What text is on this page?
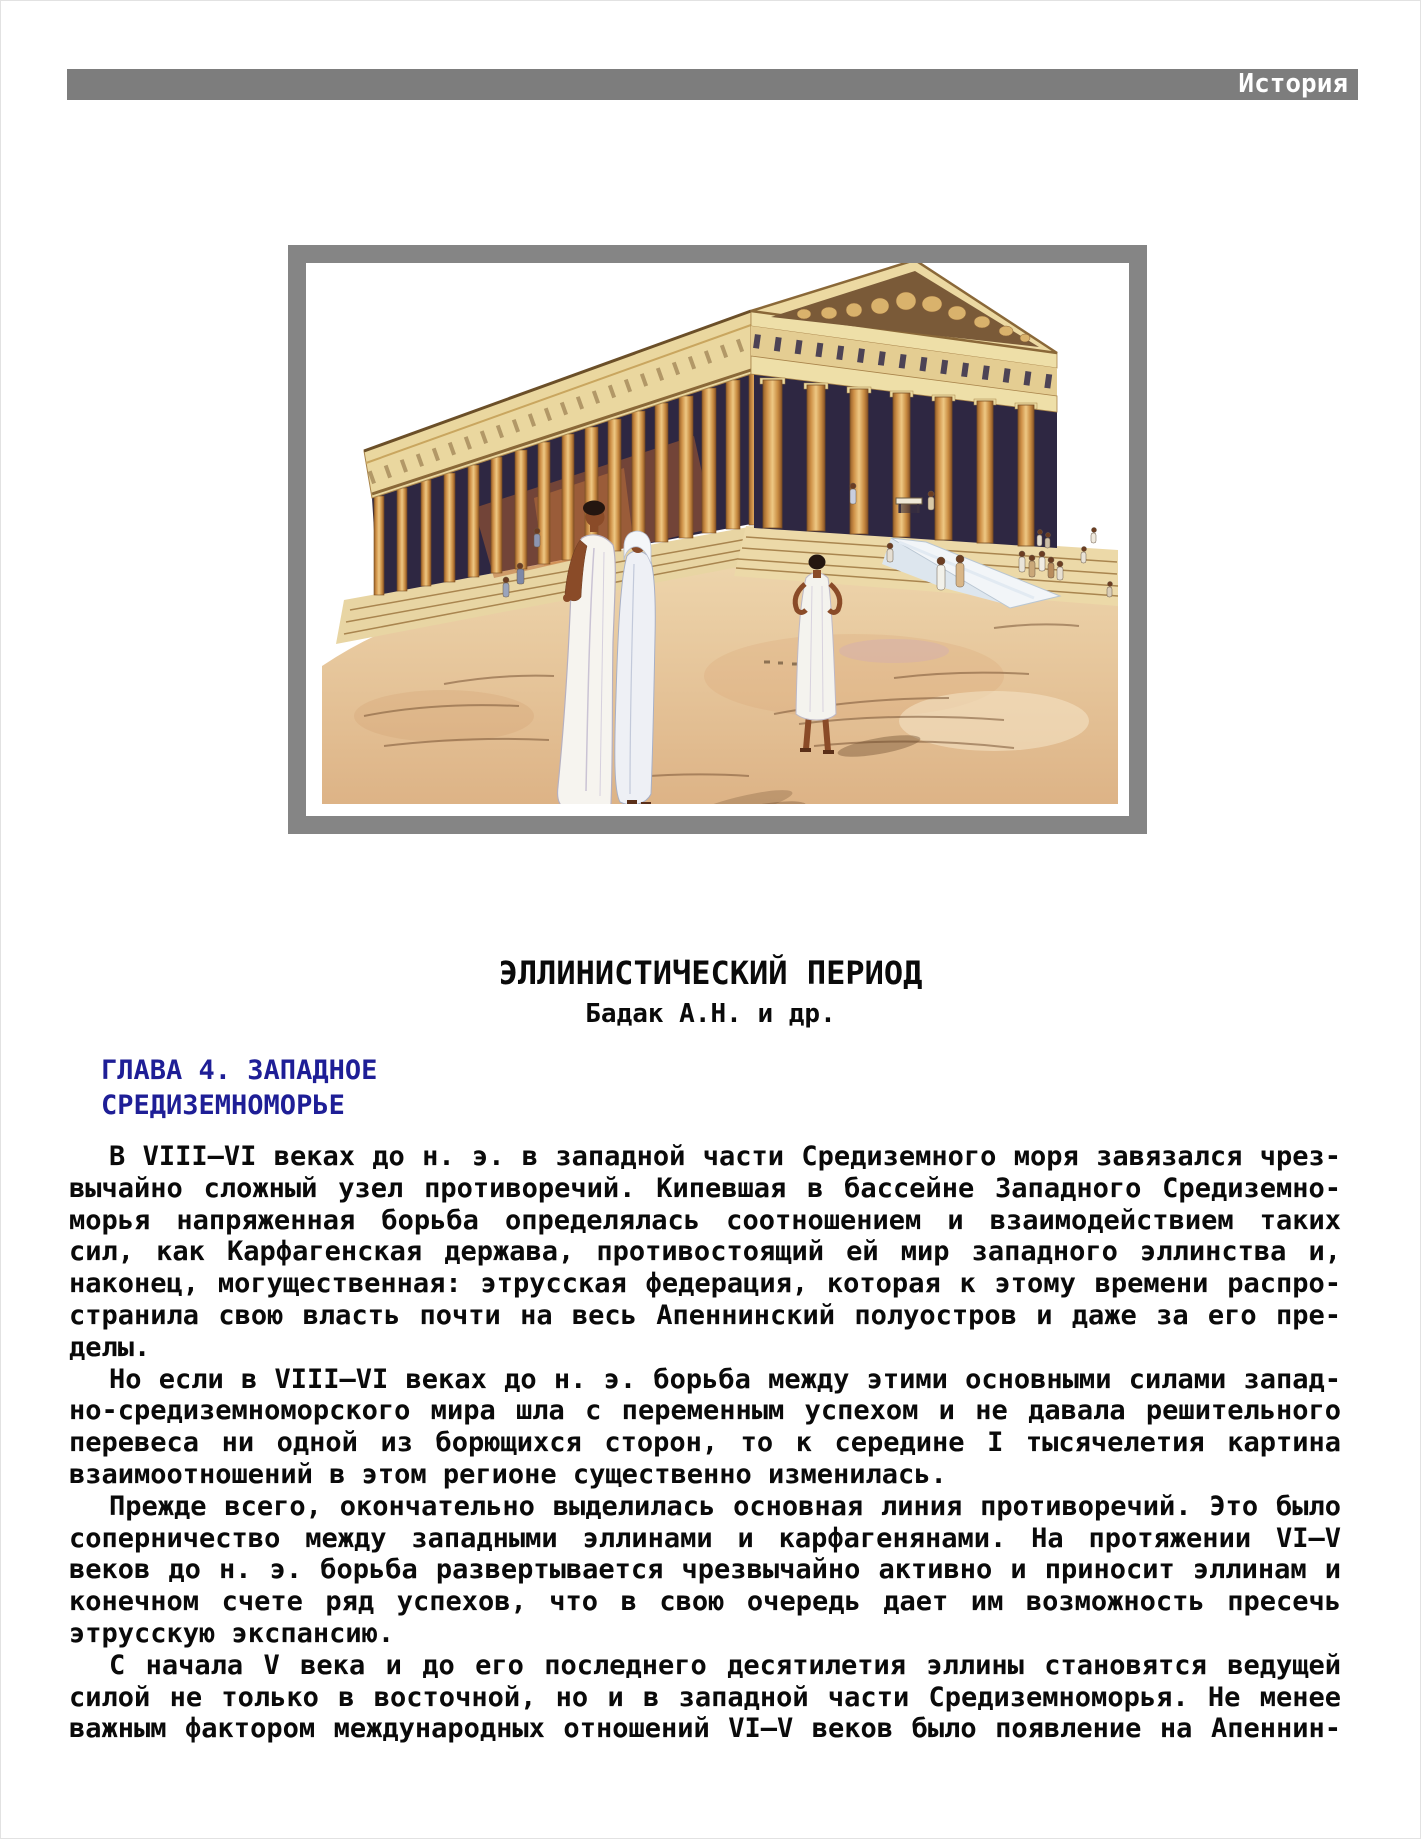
История
ЭЛЛИНИСТИЧЕСКИЙ ПЕРИОД
Бадак А.Н. и др.
ГЛАВА 4. ЗАПАДНОЕ
СРЕДИЗЕМНОМОРЬЕ
В VIII–VI веках до н. э. в западной части Средиземного моря завязался чрез-
вычайно сложный узел противоречий. Кипевшая в бассейне Западного Средиземно-
морья напряженная борьба определялась соотношением и взаимодействием таких
сил, как Карфагенская держава, противостоящий ей мир западного эллинства и,
наконец, могущественная: этрусская федерация, которая к этому времени распро-
странила свою власть почти на весь Апеннинский полуостров и даже за его пре-
делы.
Но если в VIII–VI веках до н. э. борьба между этими основными силами запад-
но-средиземноморского мира шла с переменным успехом и не давала решительного
перевеса ни одной из борющихся сторон, то к середине I тысячелетия картина
взаимоотношений в этом регионе существенно изменилась.
Прежде всего, окончательно выделилась основная линия противоречий. Это было
соперничество между западными эллинами и карфагенянами. На протяжении VI–V
веков до н. э. борьба развертывается чрезвычайно активно и приносит эллинам и
конечном счете ряд успехов, что в свою очередь дает им возможность пресечь
этрусскую экспансию.
С начала V века и до его последнего десятилетия эллины становятся ведущей
силой не только в восточной, но и в западной части Средиземноморья. Не менее
важным фактором международных отношений VI–V веков было появление на Апеннин-
